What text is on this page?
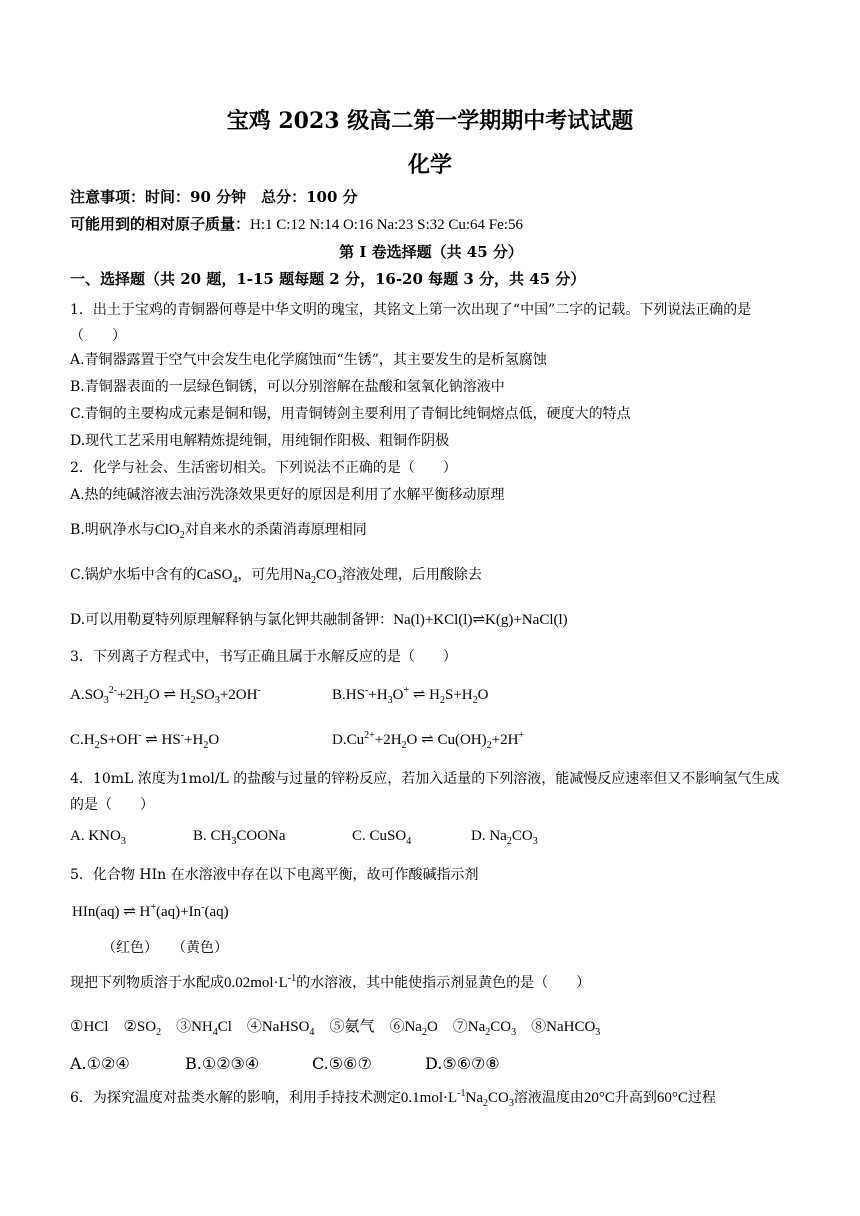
宝鸡 2023 级高二第一学期期中考试试题
化学
注意事项：时间：90 分钟　总分：100 分
可能用到的相对原子质量：H:1 C:12 N:14 O:16 Na:23 S:32 Cu:64 Fe:56
第 I 卷选择题（共 45 分）
一、选择题（共 20 题，1-15 题每题 2 分，16-20 每题 3 分，共 45 分）
1．出土于宝鸡的青铜器何尊是中华文明的瑰宝，其铭文上第一次出现了“中国”二字的记载。下列说法正确的是（　　）
A.青铜器露置于空气中会发生电化学腐蚀而“生锈”，其主要发生的是析氢腐蚀
B.青铜器表面的一层绿色铜锈，可以分别溶解在盐酸和氢氧化钠溶液中
C.青铜的主要构成元素是铜和锡，用青铜铸剑主要利用了青铜比纯铜熔点低，硬度大的特点
D.现代工艺采用电解精炼提纯铜，用纯铜作阳极、粗铜作阴极
2．化学与社会、生活密切相关。下列说法不正确的是（　　）
A.热的纯碱溶液去油污洗涤效果更好的原因是利用了水解平衡移动原理
B.明矾净水与ClO$_2$对自来水的杀菌消毒原理相同
C.锅炉水垢中含有的CaSO$_4$，可先用$Na_2CO_3$溶液处理，后用酸除去
D.可以用勒夏特列原理解释钠与氯化钾共融制备钾：Na(l)+KCl(l)⇌K(g)+NaCl(l)
3．下列离子方程式中，书写正确且属于水解反应的是（　　）
$A.SO_3^{2-}+2H_2O$ ⇌ $H_2SO_3+2OH^-$	$B.HS^-+H_3O^+$ ⇌ $H_2S+H_2O$
$C.H_2S+OH^-$ ⇌ $HS^-+H_2O$	$D.Cu^{2+}+2H_2O$ ⇌ $Cu(OH)_2+2H^+$
4．10mL 浓度为1mol/L 的盐酸与过量的锌粉反应，若加入适量的下列溶液，能减慢反应速率但又不影响氢气生成的是（　　）
A. $KNO_3$	B. $CH_3COONa$	C. CuSO$_4$	D. $Na_2CO_3$
5．化合物 HIn 在水溶液中存在以下电离平衡，故可作酸碱指示剂
HIn(aq) ⇌ H+(aq)+In-(aq)
（红色）　　（黄色）
现把下列物质溶于水配成$0.02mol\cdot L^{-1}$的水溶液，其中能使指示剂显黄色的是（　　）
①HCl　$②SO_2$　$③NH_4Cl$　④NaHSO$_4$　 ⑤氨气　$⑥Na_2O$　$⑦Na_2CO_3$　⑧NaHCO$_3$
A.①②④	B.①②③④	C.⑤⑥⑦	D.⑤⑥⑦⑧
6．为探究温度对盐类水解的影响，利用手持技术测定$0.1mol\cdot L^{-1}Na_2CO_3$溶液温度由20°C升高到60°C过程
